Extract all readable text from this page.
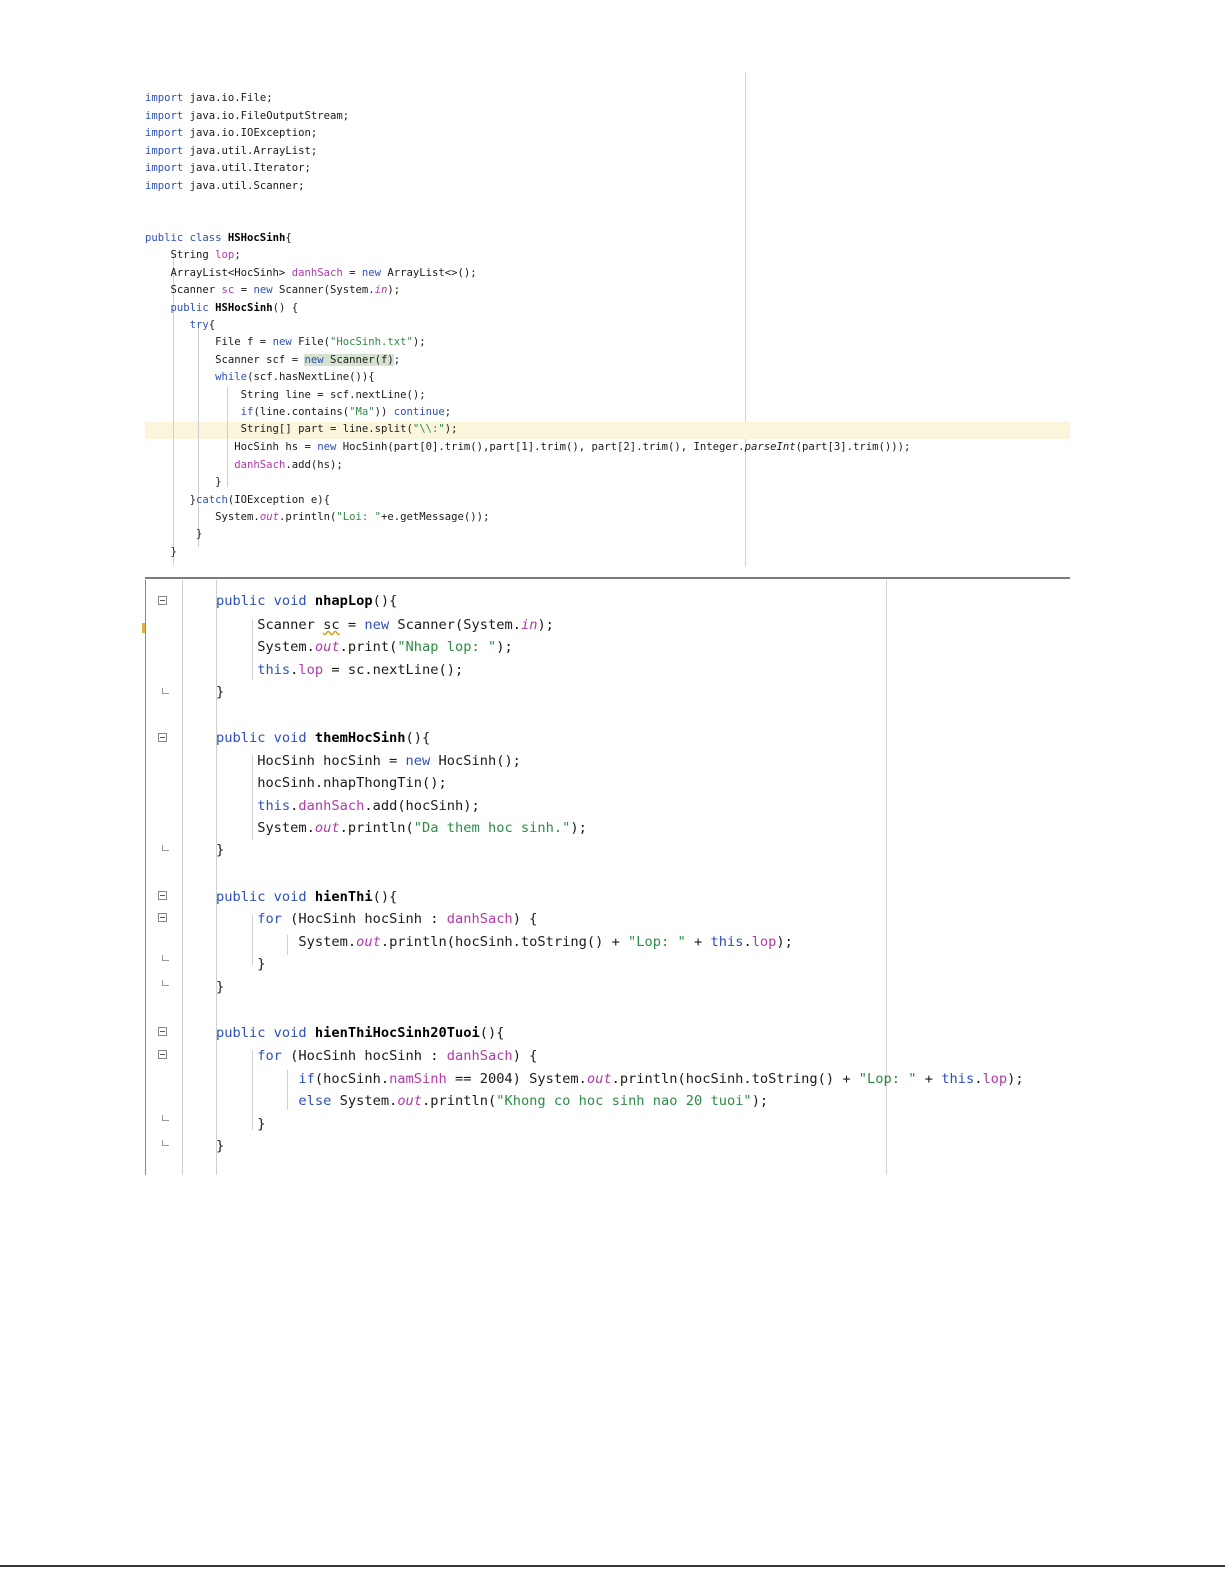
import java.io.File;
import java.io.FileOutputStream;
import java.io.IOException;
import java.util.ArrayList;
import java.util.Iterator;
import java.util.Scanner;
public class HSHocSinh{
String lop;
ArrayList<HocSinh> danhSach = new ArrayList<>();
Scanner sc = new Scanner(System.in);
public HSHocSinh() {
try{
File f = new File("HocSinh.txt");
Scanner scf = new Scanner(f);
while(scf.hasNextLine()){
String line = scf.nextLine();
if(line.contains("Ma")) continue;
String[] part = line.split("\\:");
HocSinh hs = new HocSinh(part[0].trim(),part[1].trim(), part[2].trim(), Integer.parseInt(part[3].trim()));
danhSach.add(hs);
}
}catch(IOException e){
System.out.println("Loi: "+e.getMessage());
}
}
public void nhapLop(){
Scanner sc = new Scanner(System.in);
System.out.print("Nhap lop: ");
this.lop = sc.nextLine();
}
public void themHocSinh(){
HocSinh hocSinh = new HocSinh();
hocSinh.nhapThongTin();
this.danhSach.add(hocSinh);
System.out.println("Da them hoc sinh.");
}
public void hienThi(){
for (HocSinh hocSinh : danhSach) {
System.out.println(hocSinh.toString() + "Lop: " + this.lop);
}
}
public void hienThiHocSinh20Tuoi(){
for (HocSinh hocSinh : danhSach) {
if(hocSinh.namSinh == 2004) System.out.println(hocSinh.toString() + "Lop: " + this.lop);
else System.out.println("Khong co hoc sinh nao 20 tuoi");
}
}
